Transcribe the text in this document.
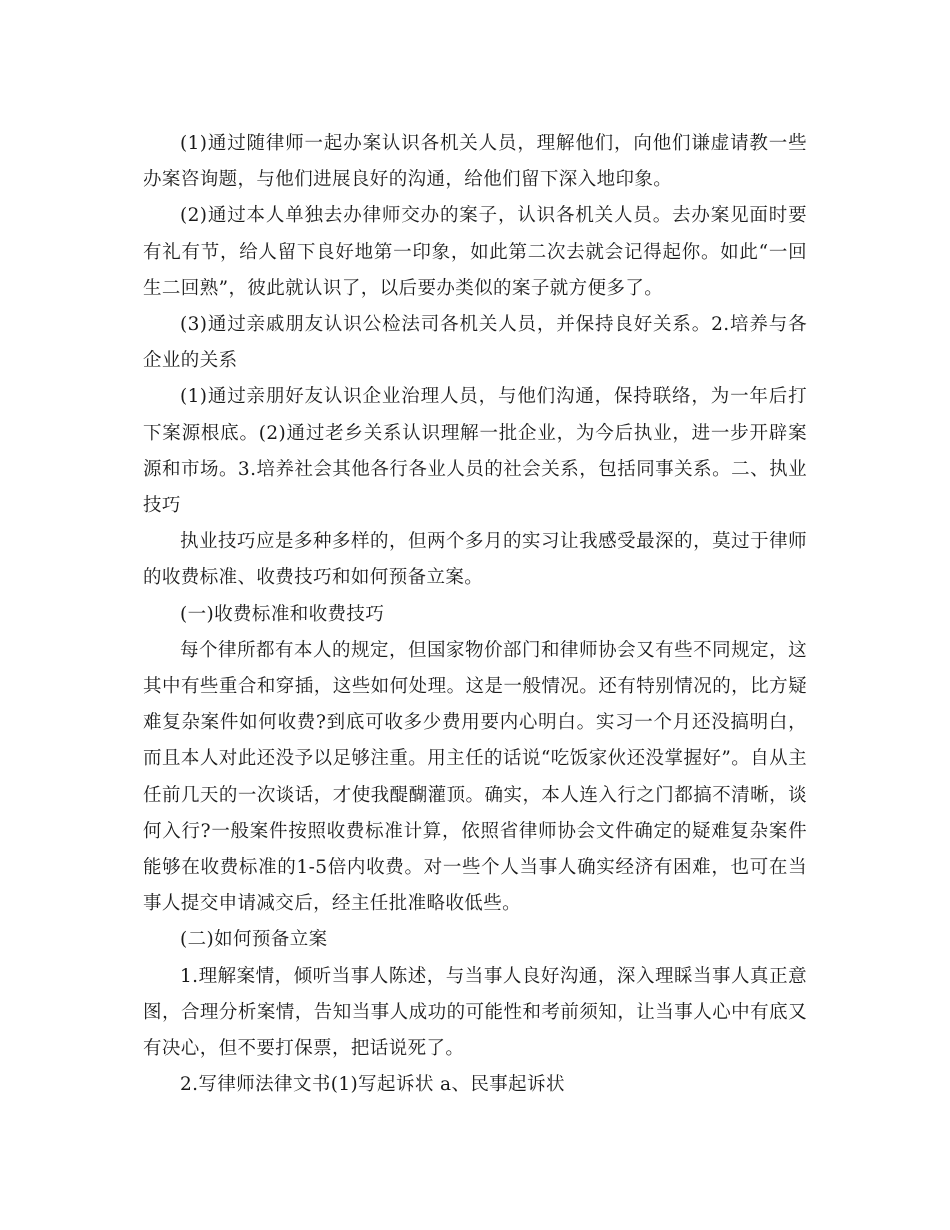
(1)通过随律师一起办案认识各机关人员，理解他们，向他们谦虚请教一些办案咨询题，与他们进展良好的沟通，给他们留下深入地印象。

(2)通过本人单独去办律师交办的案子，认识各机关人员。去办案见面时要有礼有节，给人留下良好地第一印象，如此第二次去就会记得起你。如此“一回生二回熟”，彼此就认识了，以后要办类似的案子就方便多了。

(3)通过亲戚朋友认识公检法司各机关人员，并保持良好关系。2.培养与各企业的关系

(1)通过亲朋好友认识企业治理人员，与他们沟通，保持联络，为一年后打下案源根底。(2)通过老乡关系认识理解一批企业，为今后执业，进一步开辟案源和市场。3.培养社会其他各行各业人员的社会关系，包括同事关系。二、执业技巧

执业技巧应是多种多样的，但两个多月的实习让我感受最深的，莫过于律师的收费标准、收费技巧和如何预备立案。

(一)收费标准和收费技巧

每个律所都有本人的规定，但国家物价部门和律师协会又有些不同规定，这其中有些重合和穿插，这些如何处理。这是一般情况。还有特别情况的，比方疑难复杂案件如何收费?到底可收多少费用要内心明白。实习一个月还没搞明白，而且本人对此还没予以足够注重。用主任的话说“吃饭家伙还没掌握好”。自从主任前几天的一次谈话，才使我醍醐灌顶。确实，本人连入行之门都搞不清晰，谈何入行?一般案件按照收费标准计算，依照省律师协会文件确定的疑难复杂案件能够在收费标准的1-5倍内收费。对一些个人当事人确实经济有困难，也可在当事人提交申请减交后，经主任批准略收低些。

(二)如何预备立案

1.理解案情，倾听当事人陈述，与当事人良好沟通，深入理睬当事人真正意图，合理分析案情，告知当事人成功的可能性和考前须知，让当事人心中有底又有决心，但不要打保票，把话说死了。

2.写律师法律文书(1)写起诉状 a、民事起诉状
